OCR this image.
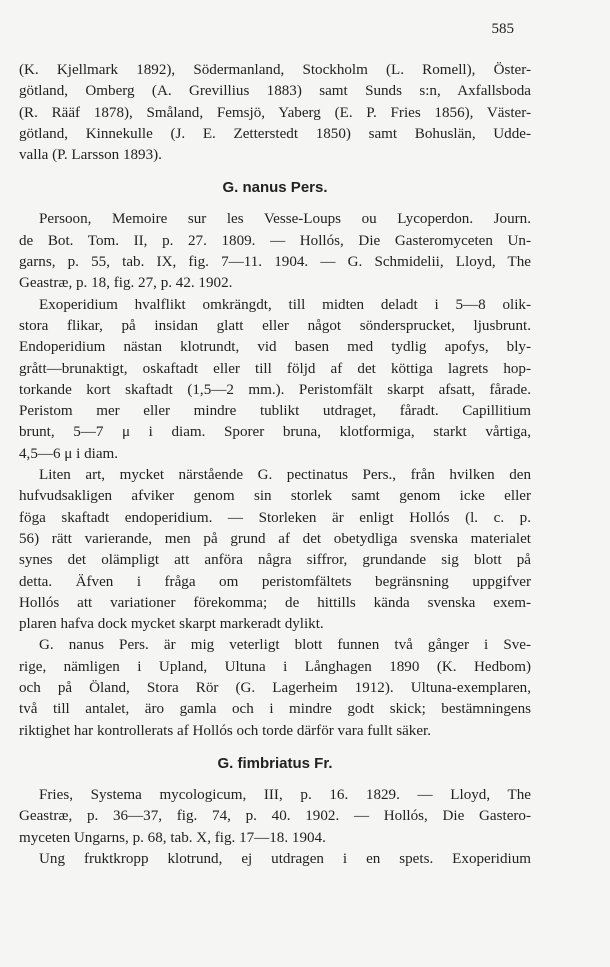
585
(K. Kjellmark 1892), Södermanland, Stockholm (L. Romell), Öster-
götland, Omberg (A. Grevillius 1883) samt Sunds s:n, Axfallsboda
(R. Rääf 1878), Småland, Femsjö, Yaberg (E. P. Fries 1856), Väster-
götland, Kinnekulle (J. E. Zetterstedt 1850) samt Bohuslän, Udde-
valla (P. Larsson 1893).
G. nanus Pers.
Persoon, Memoire sur les Vesse-Loups ou Lycoperdon. Journ.
de Bot. Tom. II, p. 27. 1809. — Hollós, Die Gasteromyceten Un-
garns, p. 55, tab. IX, fig. 7—11. 1904. — G. Schmidelii, Lloyd, The
Geastræ, p. 18, fig. 27, p. 42. 1902.
Exoperidium hvalflikt omkrängdt, till midten deladt i 5—8 olik-
stora flikar, på insidan glatt eller något söndersprucket, ljusbrunt.
Endoperidium nästan klotrundt, vid basen med tydlig apofys, bly-
grått—brunaktigt, oskaftadt eller till följd af det köttiga lagrets hop-
torkande kort skaftadt (1,5—2 mm.). Peristomfält skarpt afsatt, fårade.
Peristom mer eller mindre tublikt utdraget, fåradt. Capillitium
brunt, 5—7 μ i diam. Sporer bruna, klotformiga, starkt vårtiga,
4,5—6 μ i diam.
Liten art, mycket närstående G. pectinatus Pers., från hvilken den
hufvudsakligen afviker genom sin storlek samt genom icke eller
föga skaftadt endoperidium. — Storleken är enligt Hollós (l. c. p.
56) rätt varierande, men på grund af det obetydliga svenska materialet
synes det olämpligt att anföra några siffror, grundande sig blott på
detta. Äfven i fråga om peristomfältets begränsning uppgifver
Hollós att variationer förekomma; de hittills kända svenska exem-
plaren hafva dock mycket skarpt markeradt dylikt.
G. nanus Pers. är mig veterligt blott funnen två gånger i Sve-
rige, nämligen i Upland, Ultuna i Långhagen 1890 (K. Hedbom)
och på Öland, Stora Rör (G. Lagerheim 1912). Ultuna-exemplaren,
två till antalet, äro gamla och i mindre godt skick; bestämningens
riktighet har kontrollerats af Hollós och torde därför vara fullt säker.
G. fimbriatus Fr.
Fries, Systema mycologicum, III, p. 16. 1829. — Lloyd, The
Geastræ, p. 36—37, fig. 74, p. 40. 1902. — Hollós, Die Gastero-
myceten Ungarns, p. 68, tab. X, fig. 17—18. 1904.
Ung fruktkropp klotrund, ej utdragen i en spets. Exoperidium
